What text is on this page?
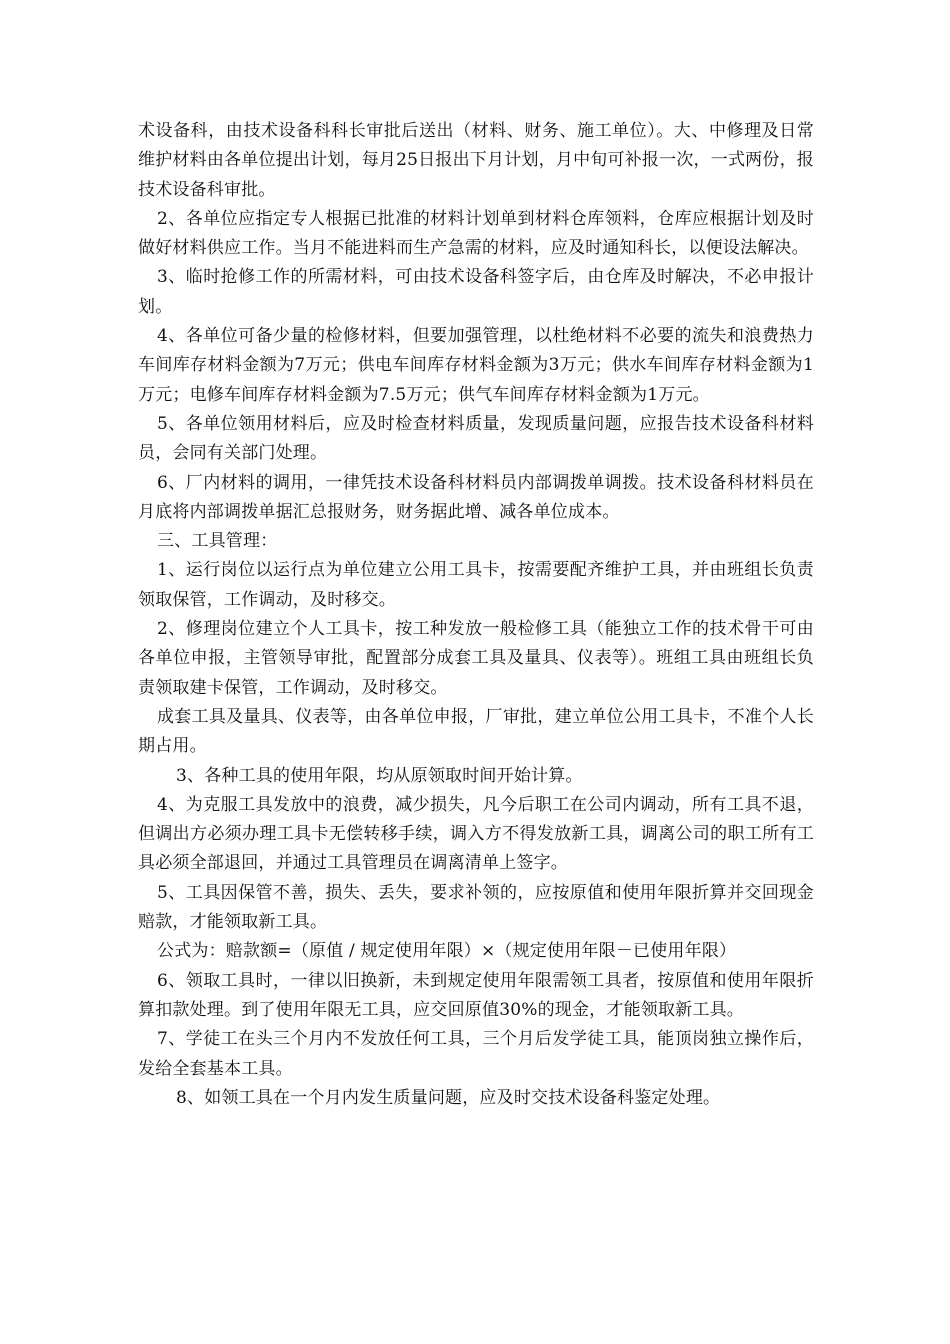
术设备科，由技术设备科科长审批后送出（材料、财务、施工单位）。大、中修理及日常维护材料由各单位提出计划，每月25日报出下月计划，月中旬可补报一次，一式两份，报技术设备科审批。

2、各单位应指定专人根据已批准的材料计划单到材料仓库领料，仓库应根据计划及时做好材料供应工作。当月不能进料而生产急需的材料，应及时通知科长，以便设法解决。

3、临时抢修工作的所需材料，可由技术设备科签字后，由仓库及时解决，不必申报计划。

4、各单位可备少量的检修材料，但要加强管理，以杜绝材料不必要的流失和浪费热力车间库存材料金额为7万元；供电车间库存材料金额为3万元；供水车间库存材料金额为1万元；电修车间库存材料金额为7.5万元；供气车间库存材料金额为1万元。

5、各单位领用材料后，应及时检查材料质量，发现质量问题，应报告技术设备科材料员，会同有关部门处理。

6、厂内材料的调用，一律凭技术设备科材料员内部调拨单调拨。技术设备科材料员在月底将内部调拨单据汇总报财务，财务据此增、减各单位成本。

三、工具管理：

1、运行岗位以运行点为单位建立公用工具卡，按需要配齐维护工具，并由班组长负责领取保管，工作调动，及时移交。

2、修理岗位建立个人工具卡，按工种发放一般检修工具（能独立工作的技术骨干可由各单位申报，主管领导审批，配置部分成套工具及量具、仪表等）。班组工具由班组长负责领取建卡保管，工作调动，及时移交。

成套工具及量具、仪表等，由各单位申报，厂审批，建立单位公用工具卡，不准个人长期占用。

3、各种工具的使用年限，均从原领取时间开始计算。

4、为克服工具发放中的浪费，减少损失，凡今后职工在公司内调动，所有工具不退，但调出方必须办理工具卡无偿转移手续，调入方不得发放新工具，调离公司的职工所有工具必须全部退回，并通过工具管理员在调离清单上签字。

5、工具因保管不善，损失、丢失，要求补领的，应按原值和使用年限折算并交回现金赔款，才能领取新工具。

公式为：赔款额=（原值 / 规定使用年限）×（规定使用年限－已使用年限）

6、领取工具时，一律以旧换新，未到规定使用年限需领工具者，按原值和使用年限折算扣款处理。到了使用年限无工具，应交回原值30%的现金，才能领取新工具。

7、学徒工在头三个月内不发放任何工具，三个月后发学徒工具，能顶岗独立操作后，发给全套基本工具。

8、如领工具在一个月内发生质量问题，应及时交技术设备科鉴定处理。
